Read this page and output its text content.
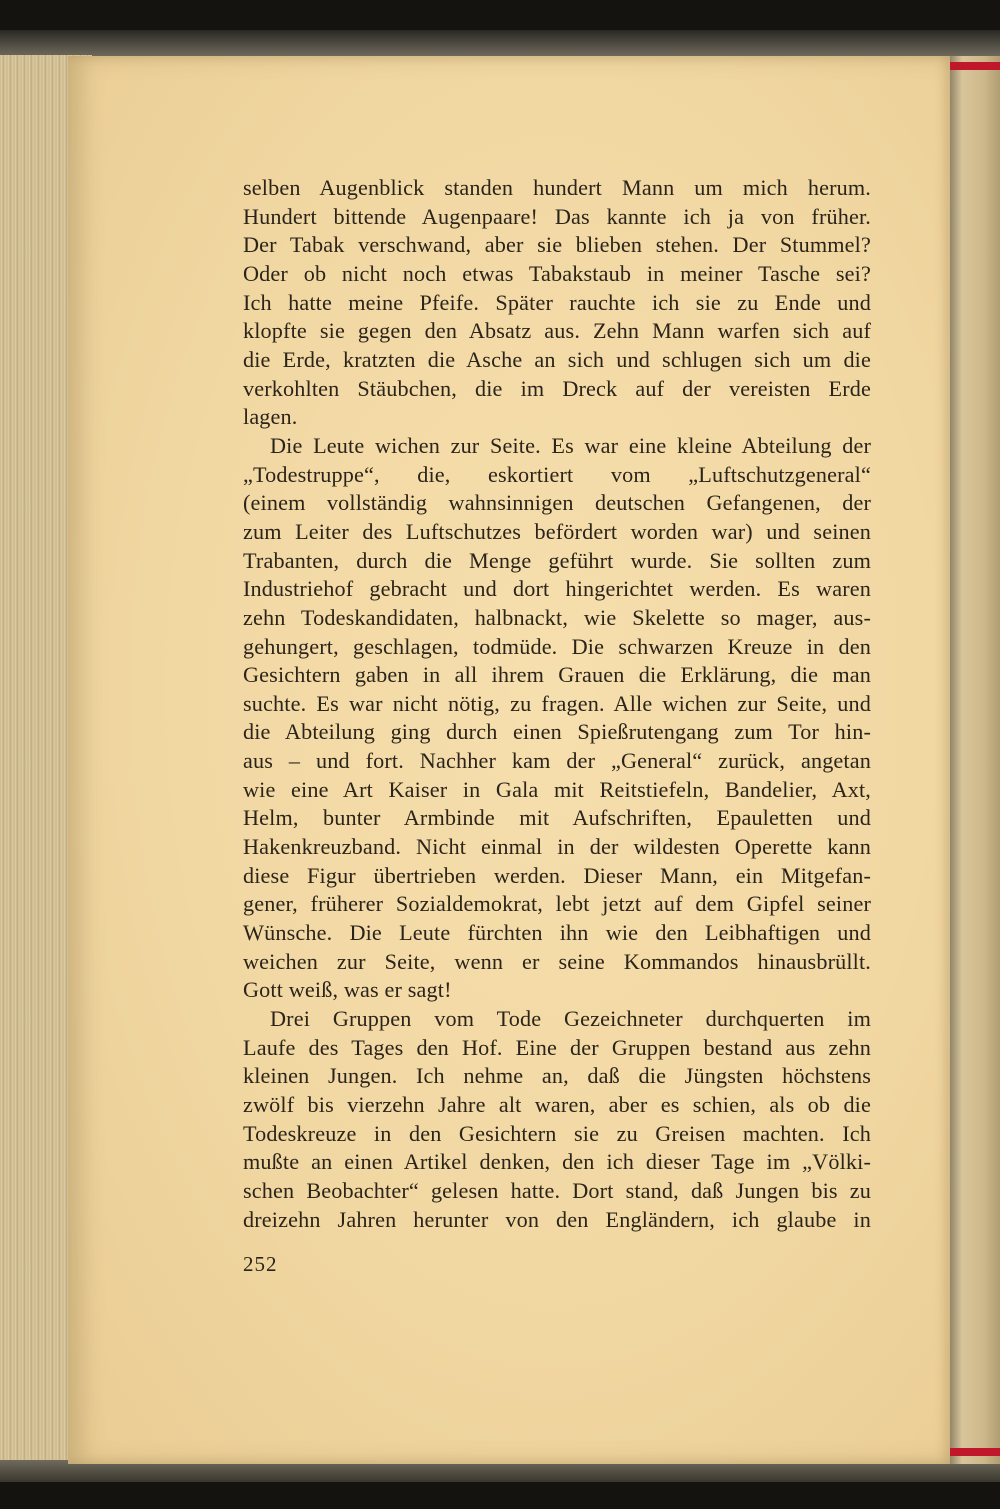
selben Augenblick standen hundert Mann um mich herum.
Hundert bittende Augenpaare! Das kannte ich ja von früher.
Der Tabak verschwand, aber sie blieben stehen. Der Stummel?
Oder ob nicht noch etwas Tabakstaub in meiner Tasche sei?
Ich hatte meine Pfeife. Später rauchte ich sie zu Ende und
klopfte sie gegen den Absatz aus. Zehn Mann warfen sich auf
die Erde, kratzten die Asche an sich und schlugen sich um die
verkohlten Stäubchen, die im Dreck auf der vereisten Erde
lagen.
Die Leute wichen zur Seite. Es war eine kleine Abteilung der
„Todestruppe“, die, eskortiert vom „Luftschutzgeneral“
(einem vollständig wahnsinnigen deutschen Gefangenen, der
zum Leiter des Luftschutzes befördert worden war) und seinen
Trabanten, durch die Menge geführt wurde. Sie sollten zum
Industriehof gebracht und dort hingerichtet werden. Es waren
zehn Todeskandidaten, halbnackt, wie Skelette so mager, aus-
gehungert, geschlagen, todmüde. Die schwarzen Kreuze in den
Gesichtern gaben in all ihrem Grauen die Erklärung, die man
suchte. Es war nicht nötig, zu fragen. Alle wichen zur Seite, und
die Abteilung ging durch einen Spießrutengang zum Tor hin-
aus – und fort. Nachher kam der „General“ zurück, angetan
wie eine Art Kaiser in Gala mit Reitstiefeln, Bandelier, Axt,
Helm, bunter Armbinde mit Aufschriften, Epauletten und
Hakenkreuzband. Nicht einmal in der wildesten Operette kann
diese Figur übertrieben werden. Dieser Mann, ein Mitgefan-
gener, früherer Sozialdemokrat, lebt jetzt auf dem Gipfel seiner
Wünsche. Die Leute fürchten ihn wie den Leibhaftigen und
weichen zur Seite, wenn er seine Kommandos hinausbrüllt.
Gott weiß, was er sagt!
Drei Gruppen vom Tode Gezeichneter durchquerten im
Laufe des Tages den Hof. Eine der Gruppen bestand aus zehn
kleinen Jungen. Ich nehme an, daß die Jüngsten höchstens
zwölf bis vierzehn Jahre alt waren, aber es schien, als ob die
Todeskreuze in den Gesichtern sie zu Greisen machten. Ich
mußte an einen Artikel denken, den ich dieser Tage im „Völki-
schen Beobachter“ gelesen hatte. Dort stand, daß Jungen bis zu
dreizehn Jahren herunter von den Engländern, ich glaube in
252
